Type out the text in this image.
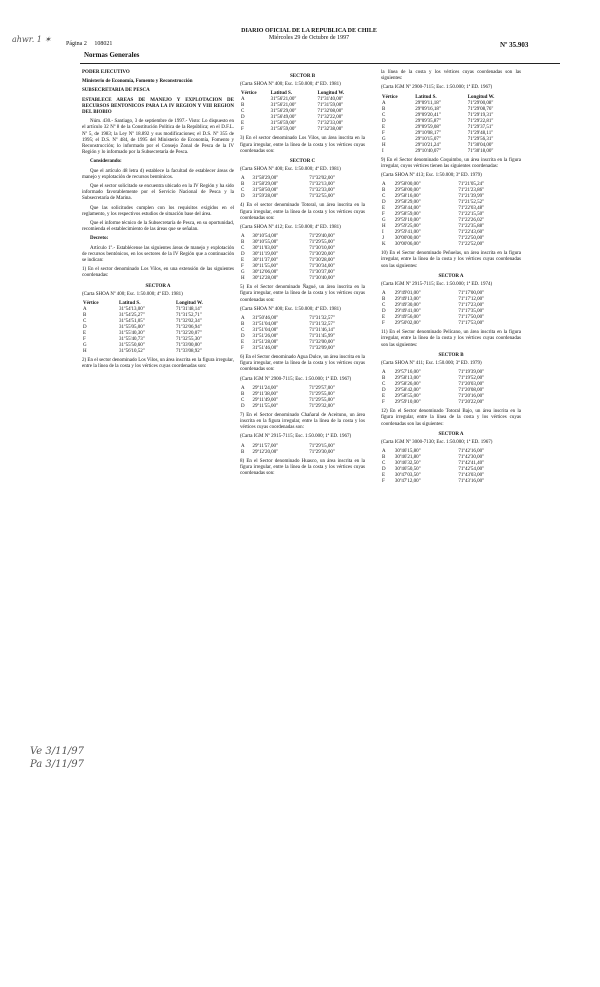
ahwr. 1 ✶ Página 2 108021
DIARIO OFICIAL DE LA REPUBLICA DE CHILE
Miércoles 29 de Octubre de 1997
Nº 35.903
Normas Generales

PODER EJECUTIVO

Ministerio de Economía, Fomento y Reconstrucción

SUBSECRETARIA DE PESCA

ESTABLECE AREAS DE MANEJO Y EXPLOTACION DE RECURSOS BENTONICOS PARA LA IV REGION Y VIII REGION DEL BIOBIO

Núm. 430.- Santiago, 3 de septiembre de 1997.- Visto: Lo dispuesto en el artículo 32 Nº 8 de la Constitución Política de la República; en el D.F.L. Nº 5, de 1983; la Ley Nº 18.892 y sus modificaciones; el D.S. Nº 355 de 1995; el D.S. Nº 484, de 1995 del Ministerio de Economía, Fomento y Reconstrucción; lo informado por el Consejo Zonal de Pesca de la IV Región y lo informado por la Subsecretaría de Pesca.

Considerando:

Que el artículo 48 letra d) establece la facultad de establecer áreas de manejo y explotación de recursos bentónicos.

Que el sector solicitado se encuentra ubicado en la IV Región y ha sido informado favorablemente por el Servicio Nacional de Pesca y la Subsecretaría de Marina.

Que las solicitudes cumplen con los requisitos exigidos en el reglamento, y los respectivos estudios de situación base del área.

Que el informe técnico de la Subsecretaría de Pesca, en su oportunidad, recomienda el establecimiento de las áreas que se señalan.

Decreto:

Artículo 1º.- Establécense las siguientes áreas de manejo y explotación de recursos bentónicos, en los sectores de la IV Región que a continuación se indican:

1) En el sector denominado Los Vilos, en una extensión de las siguientes coordenadas:

SECTOR A

(Carta SHOA Nº 400; Esc. 1:50.000; 4ª ED. 1981)

Vértice	Latitud S.	Longitud W.
A	31º54'13,00"	71º31'48,14"
B	31º54'25,27"	71º31'52,71"
C	31º54'51,05"	71º32'02,34"
D	31º55'05,00"	71º32'06,94"
E	31º55'40,30"	71º32'20,07"
F	31º55'40,73"	71º32'55,30"
G	31º55'50,60"	71º33'00,00"
H	31º56'10,52"	71º33'08,92"

2) En el sector denominado Los Vilos, un área inscrita en la figura irregular, entre la línea de la costa y los vértices cuyas coordenadas son:

SECTOR B

(Carta SHOA Nº 400; Esc. 1:50.000; 4ª ED. 1981)

Vértice	Latitud S.	Longitud W.
A	31º56'21,00"	71º31'40,00"
B	31º56'21,00"	71º31'59,00"
C	31º56'29,00"	71º32'08,00"
D	31º56'49,00"	71º32'22,00"
E	31º56'59,00"	71º32'33,00"
F	31º56'59,00"	71º32'38,00"

3) En el sector denominado Los Vilos, un área inscrita en la figura irregular, entre la línea de la costa y los vértices cuyas coordenadas son:

SECTOR C

(Carta SHOA Nº 400; Esc. 1:50.000; 4ª ED. 1981)

A	31º58'29,00"	71º32'02,00"
B	31º58'29,00"	71º32'13,00"
C	31º58'50,00"	71º32'33,00"
D	31º59'28,00"	71º32'55,00"

4) En el sector denominado Totoral, un área inscrita en la figura irregular, entre la línea de la costa y los vértices cuyas coordenadas son:

(Carta SHOA Nº 412; Esc. 1:50.000; 4ª ED. 1981)

A	30º10'54,00"	71º29'40,00"
B	30º10'55,00"	71º29'55,00"
C	30º11'03,00"	71º30'10,00"
D	30º11'19,00"	71º30'20,00"
E	30º11'37,00"	71º30'28,00"
F	30º11'55,00"	71º30'34,00"
G	30º12'06,00"	71º30'37,00"
H	30º12'28,00"	71º30'40,00"

5) En el Sector denominado Ñagué, un área inscrita en la figura irregular, entre la línea de la costa y los vértices cuyas coordenadas son:

(Carta SHOA Nº 400; Esc. 1:50.000; 4ª ED. 1981)

A	31º50'46,00"	71º31'32,57"
B	31º51'04,00"	71º31'32,57"
C	31º51'04,00"	71º31'46,14"
D	31º51'26,00"	71º31'45,99"
E	31º51'28,00"	71º32'00,00"
F	31º51'46,00"	71º32'09,00"

6) En el Sector denominado Agua Dulce, un área inscrita en la figura irregular, entre la línea de la costa y los vértices cuyas coordenadas son:

(Carta IGM Nº 2900-7115; Esc. 1:50.000; 1ª ED. 1967)

A	29º11'24,00"	71º29'57,00"
B	29º11'38,00"	71º29'55,00"
C	29º11'49,00"	71º29'55,00"
D	29º11'55,00"	71º29'32,00"

7) En el Sector denominado Chañaral de Aceituno, un área inscrita en la figura irregular, entre la línea de la costa y los vértices cuyas coordenadas son:

(Carta IGM Nº 2915-7115; Esc. 1:50.000; 1ª ED. 1967)

A	29º11'57,00"	71º29'15,00"
B	29º12'20,00"	71º29'30,00"

8) En el Sector denominado Huasco, un área inscrita en la figura irregular, entre la línea de la costa y los vértices cuyas coordenadas son:

la línea de la costa y los vértices cuyas coordenadas son las siguientes:

(Carta IGM Nº 2900-7115; Esc. 1:50.000; 1ª ED. 1967)

Vértice	Latitud S.	Longitud W.
A	29º09'11,18"	71º29'00,08"
B	29º09'16,18"	71º29'08,76"
C	29º09'20,41"	71º29'19,31"
D	29º09'35,87"	71º29'22,81"
E	29º09'59,08"	71º29'37,51"
F	29º10'08,17"	71º29'48,11"
G	29º10'15,07"	71º29'56,31"
H	29º10'21,24"	71º30'04,00"
I	29º10'40,07"	71º30'18,00"

9) En el Sector denominado Coquimbo, un área inscrita en la figura irregular, cuyos vértices tienen las siguientes coordenadas:

(Carta SHOA Nº 413; Esc. 1:50.000; 3ª ED. 1979)

A	29º58'00,00"	71º21'05,24"
B	29º58'00,00"	71º21'23,86"
C	29º58'16,00"	71º21'39,99"
D	29º58'29,00"	71º21'52,52"
E	29º58'44,00"	71º22'03,48"
F	29º58'59,00"	71º22'15,50"
G	29º59'10,00"	71º22'26,02"
H	29º59'25,00"	71º22'35,88"
I	29º59'41,00"	71º22'43,60"
J	30º00'00,00"	71º22'50,00"
K	30º00'06,00"	71º22'52,00"

10) En el Sector denominado Peñuelas, un área inscrita en la figura irregular, entre la línea de la costa y los vértices cuyas coordenadas son las siguientes:

SECTOR A

(Carta IGM Nº 2915-7115; Esc. 1:50.000; 1ª ED. 1974)

A	29º49'01,00"	71º17'00,00"
B	29º49'13,00"	71º17'12,00"
C	29º49'30,00"	71º17'23,00"
D	29º49'41,00"	71º17'35,00"
E	29º49'56,00"	71º17'50,00"
F	29º50'02,00"	71º17'53,00"

11) En el Sector denominado Pelícano, un área inscrita en la figura irregular, entre la línea de la costa y los vértices cuyas coordenadas son las siguientes:

SECTOR B

(Carta SHOA Nº 411; Esc. 1:50.000; 3ª ED. 1979)

A	29º57'16,00"	71º19'39,00"
B	29º58'13,00"	71º19'52,00"
C	29º58'26,00"	71º20'03,00"
D	29º58'42,00"	71º20'08,00"
E	29º58'55,00"	71º20'16,00"
F	29º59'10,00"	71º20'22,00"

12) En el Sector denominado Totoral Bajo, un área inscrita en la figura irregular, entre la línea de la costa y los vértices cuyas coordenadas son las siguientes:

SECTOR A

(Carta IGM Nº 3000-7130; Esc. 1:50.000; 1ª ED. 1967)

A	30º46'15,80"	71º42'16,00"
B	30º46'21,80"	71º42'30,00"
C	30º46'32,50"	71º42'41,40"
D	30º46'50,50"	71º42'54,00"
E	30º47'03,50"	71º43'03,00"
F	30º47'12,00"	71º43'16,00"
Ve 3/11/97
Pa 3/11/97
